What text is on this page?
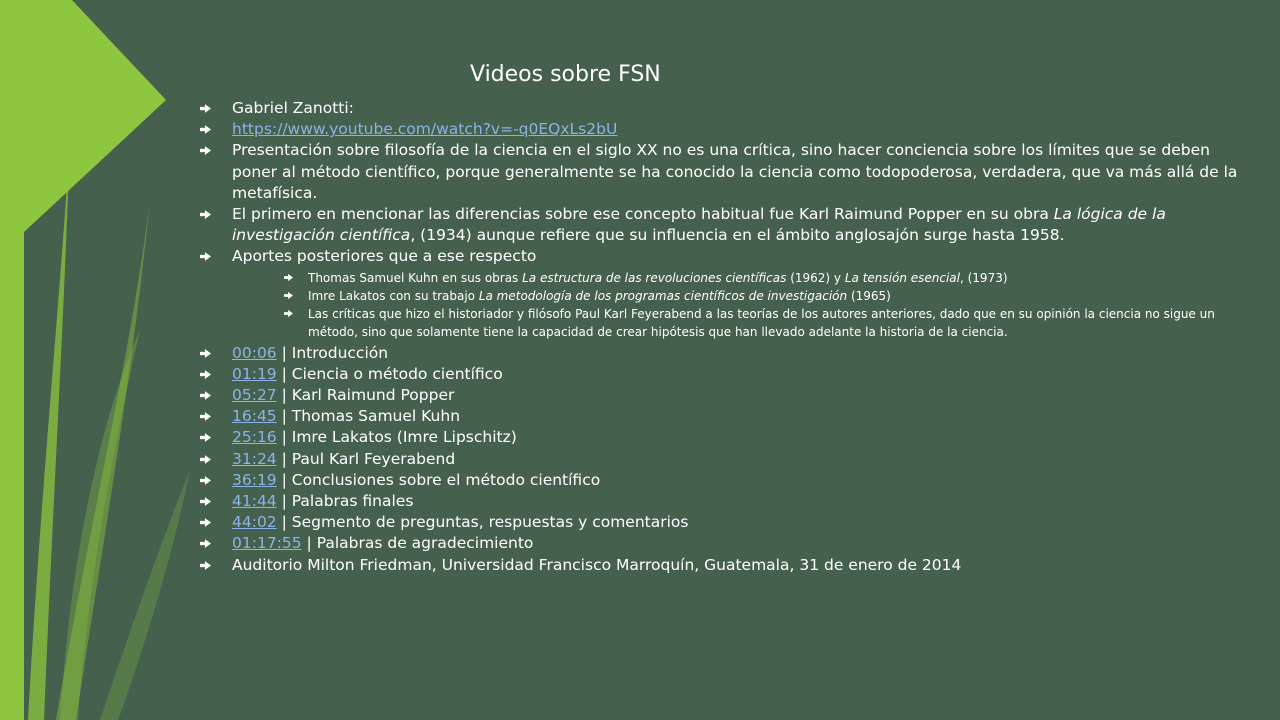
Videos sobre FSN
Gabriel Zanotti:
https://www.youtube.com/watch?v=-q0EQxLs2bU
Presentación sobre filosofía de la ciencia en el siglo XX no es una crítica, sino hacer conciencia sobre los límites que se deben poner al método científico, porque generalmente se ha conocido la ciencia como todopoderosa, verdadera, que va más allá de la metafísica.
El primero en mencionar las diferencias sobre ese concepto habitual fue Karl Raimund Popper en su obra La lógica de la investigación científica, (1934) aunque refiere que su influencia en el ámbito anglosajón surge hasta 1958.
Aportes posteriores que a ese respecto
Thomas Samuel Kuhn en sus obras La estructura de las revoluciones científicas (1962) y La tensión esencial, (1973)
Imre Lakatos con su trabajo La metodología de los programas científicos de investigación (1965)
Las críticas que hizo el historiador y filósofo Paul Karl Feyerabend a las teorías de los autores anteriores, dado que en su opinión la ciencia no sigue un método, sino que solamente tiene la capacidad de crear hipótesis que han llevado adelante la historia de la ciencia.
00:06 | Introducción
01:19 | Ciencia o método científico
05:27 | Karl Raimund Popper
16:45 | Thomas Samuel Kuhn
25:16 | Imre Lakatos (Imre Lipschitz)
31:24 | Paul Karl Feyerabend
36:19 | Conclusiones sobre el método científico
41:44 | Palabras finales
44:02 | Segmento de preguntas, respuestas y comentarios
01:17:55 | Palabras de agradecimiento
Auditorio Milton Friedman, Universidad Francisco Marroquín, Guatemala, 31 de enero de 2014
